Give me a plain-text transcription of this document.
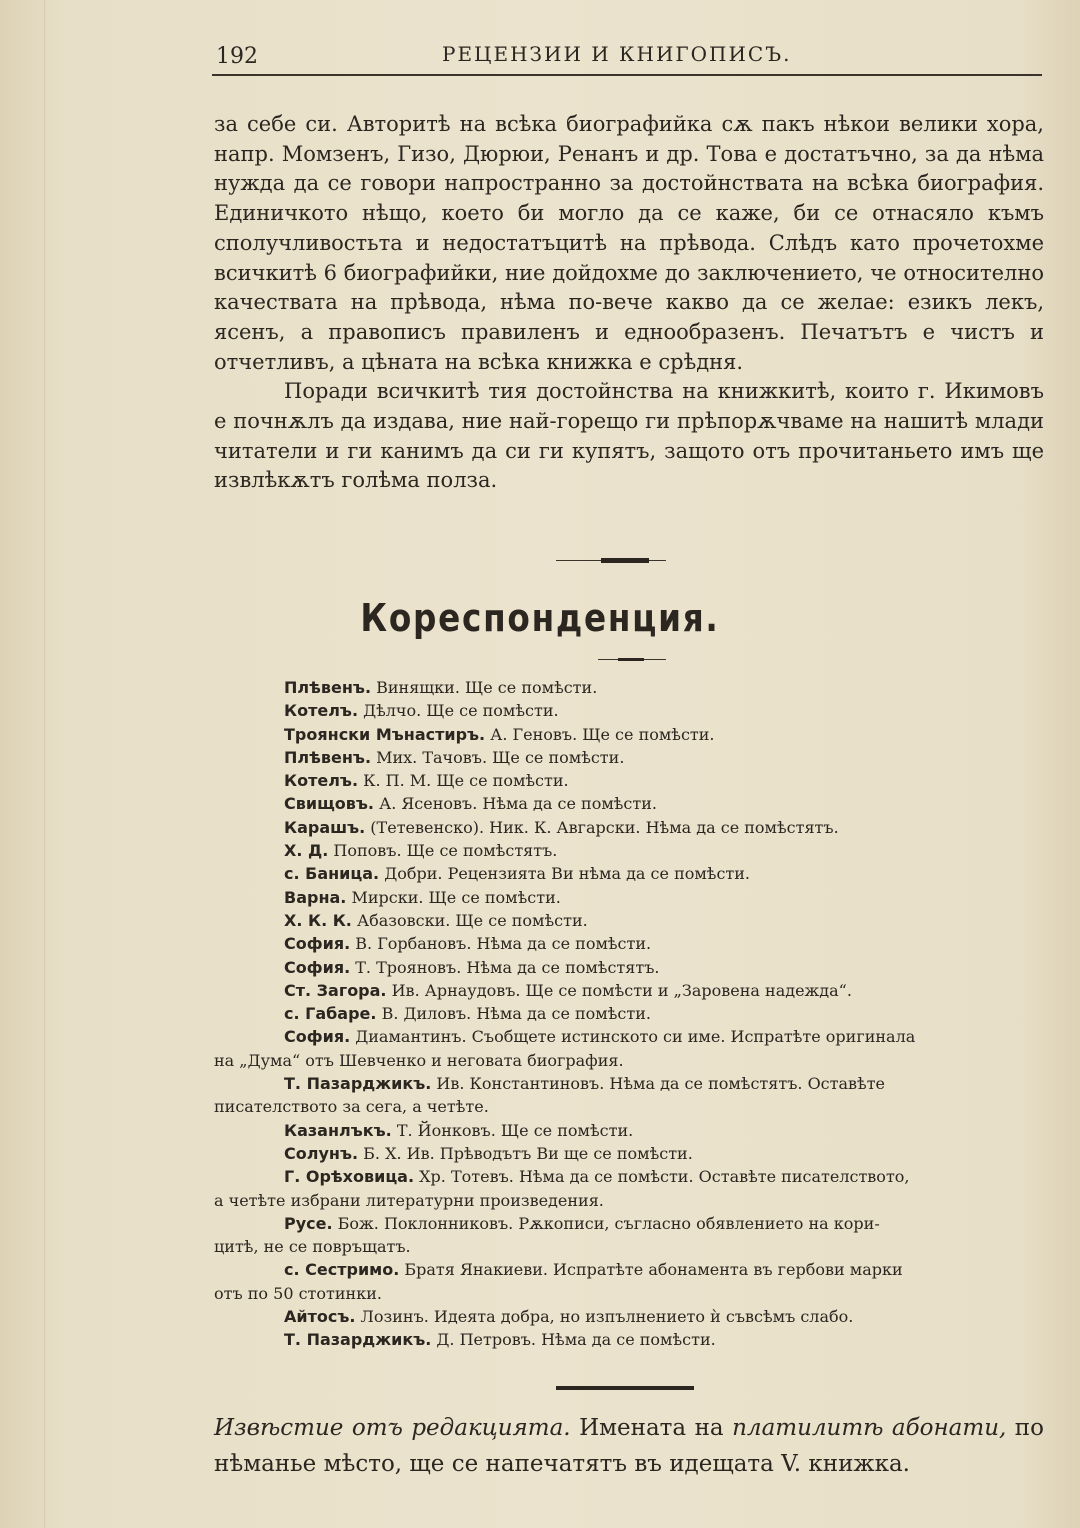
192	РЕЦЕНЗИИ И КНИГОПИСЪ.

за себе си. Авторитѣ на всѣка биографийка сѫ пакъ нѣкои велики хора, напр. Момзенъ, Гизо, Дюрюи, Ренанъ и др. Това е достатъчно, за да нѣма нужда да се говори напространно за достойнствата на всѣка биография. Единичкото нѣщо, което би могло да се каже, би се отнасяло къмъ сполучливостьта и недостатъцитѣ на прѣвода. Слѣдъ като прочетохме всичкитѣ 6 биографийки, ние дойдохме до заключението, че относително качествата на прѣвода, нѣма по-вече какво да се желае: езикъ лекъ, ясенъ, а правописъ правиленъ и еднообразенъ. Печатътъ е чистъ и отчетливъ, а цѣната на всѣка книжка е срѣдня.

Поради всичкитѣ тия достойнства на книжкитѣ, които г. Икимовъ е почнѫлъ да издава, ние най-горещо ги прѣпорѫчваме на нашитѣ млади читатели и ги канимъ да си ги купятъ, защото отъ прочитаньето имъ ще извлѣкѫтъ голѣма полза.

Кореспонденция.
Плѣвенъ. Винящки. Ще се помѣсти.
Котелъ. Дѣлчо. Ще се помѣсти.
Троянски Мънастиръ. А. Геновъ. Ще се помѣсти.
Плѣвенъ. Мих. Тачовъ. Ще се помѣсти.
Котелъ. К. П. М. Ще се помѣсти.
Свищовъ. А. Ясеновъ. Нѣма да се помѣсти.
Карашъ. (Тетевенско). Ник. К. Авгарски. Нѣма да се помѣстятъ.
Х. Д. Поповъ. Ще се помѣстятъ.
с. Баница. Добри. Рецензията Ви нѣма да се помѣсти.
Варна. Мирски. Ще се помѣсти.
Х. К. К. Абазовски. Ще се помѣсти.
София. В. Горбановъ. Нѣма да се помѣсти.
София. Т. Трояновъ. Нѣма да се помѣстятъ.
Ст. Загора. Ив. Арнаудовъ. Ще се помѣсти и „Заровена надежда“.
с. Габаре. В. Диловъ. Нѣма да се помѣсти.
София. Диамантинъ. Съобщете истинското си име. Испратѣте оригинала
на „Дума“ отъ Шевченко и неговата биография.
Т. Пазарджикъ. Ив. Константиновъ. Нѣма да се помѣстятъ. Оставѣте
писателството за сега, а четѣте.
Казанлъкъ. Т. Йонковъ. Ще се помѣсти.
Солунъ. Б. Х. Ив. Прѣводътъ Ви ще се помѣсти.
Г. Орѣховица. Хр. Тотевъ. Нѣма да се помѣсти. Оставѣте писателството,
а четѣте избрани литературни произведения.
Русе. Бож. Поклонниковъ. Рѫкописи, съгласно обявлението на кори-
цитѣ, не се повръщатъ.
с. Сестримо. Братя Янакиеви. Испратѣте абонамента въ гербови марки
отъ по 50 стотинки.
Айтосъ. Лозинъ. Идеята добра, но изпълнението ѝ съвсѣмъ слабо.
Т. Пазарджикъ. Д. Петровъ. Нѣма да се помѣсти.
Извѣстие отъ редакцията. Имената на платилитѣ абонати, по нѣманье мѣсто, ще се напечатятъ въ идещата V. книжка.
